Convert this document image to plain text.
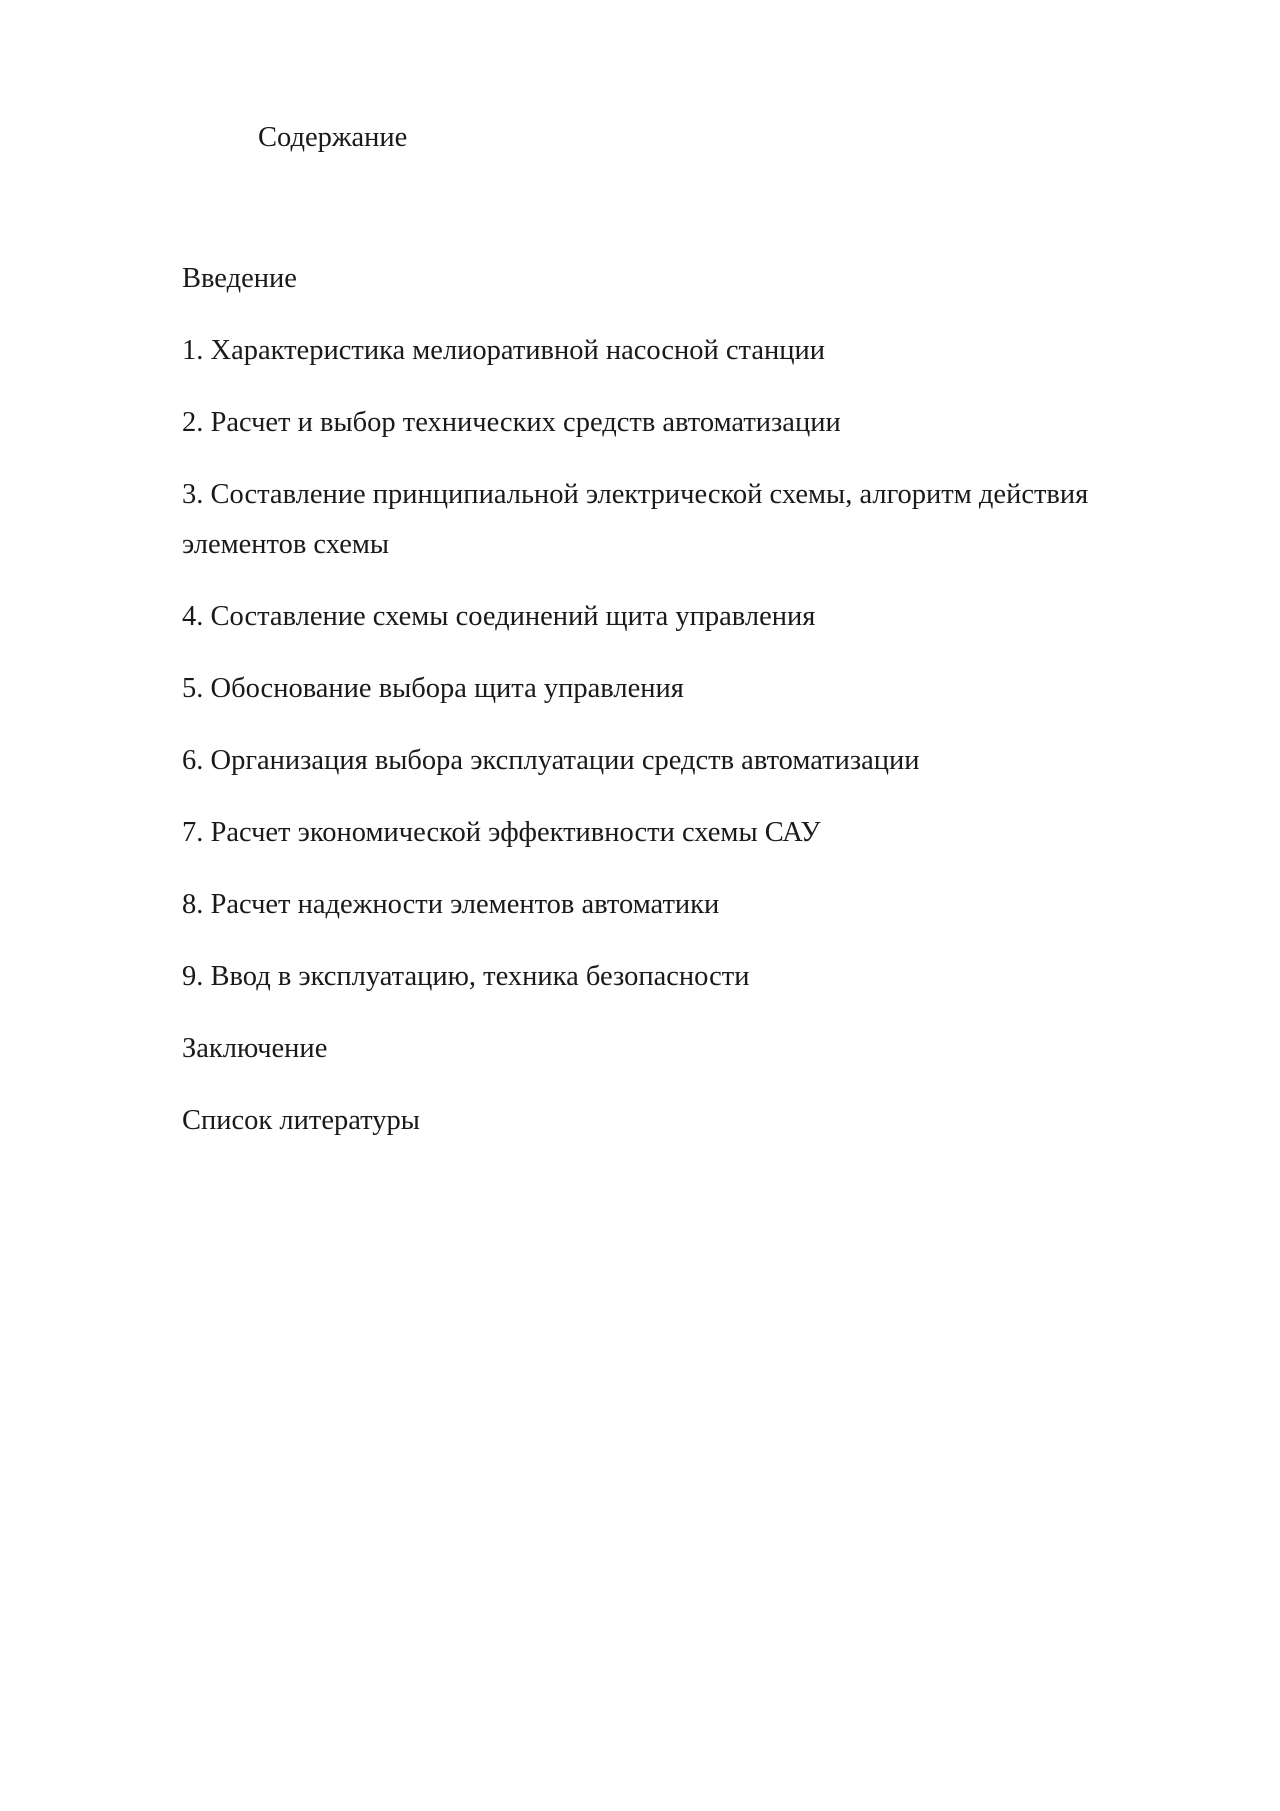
Содержание
Введение
1. Характеристика мелиоративной насосной станции
2. Расчет и выбор технических средств автоматизации
3. Составление принципиальной электрической схемы, алгоритм действия элементов схемы
4. Составление схемы соединений щита управления
5. Обоснование выбора щита управления
6. Организация выбора эксплуатации средств автоматизации
7. Расчет экономической эффективности схемы САУ
8. Расчет надежности элементов автоматики
9. Ввод в эксплуатацию, техника безопасности
Заключение
Список литературы
